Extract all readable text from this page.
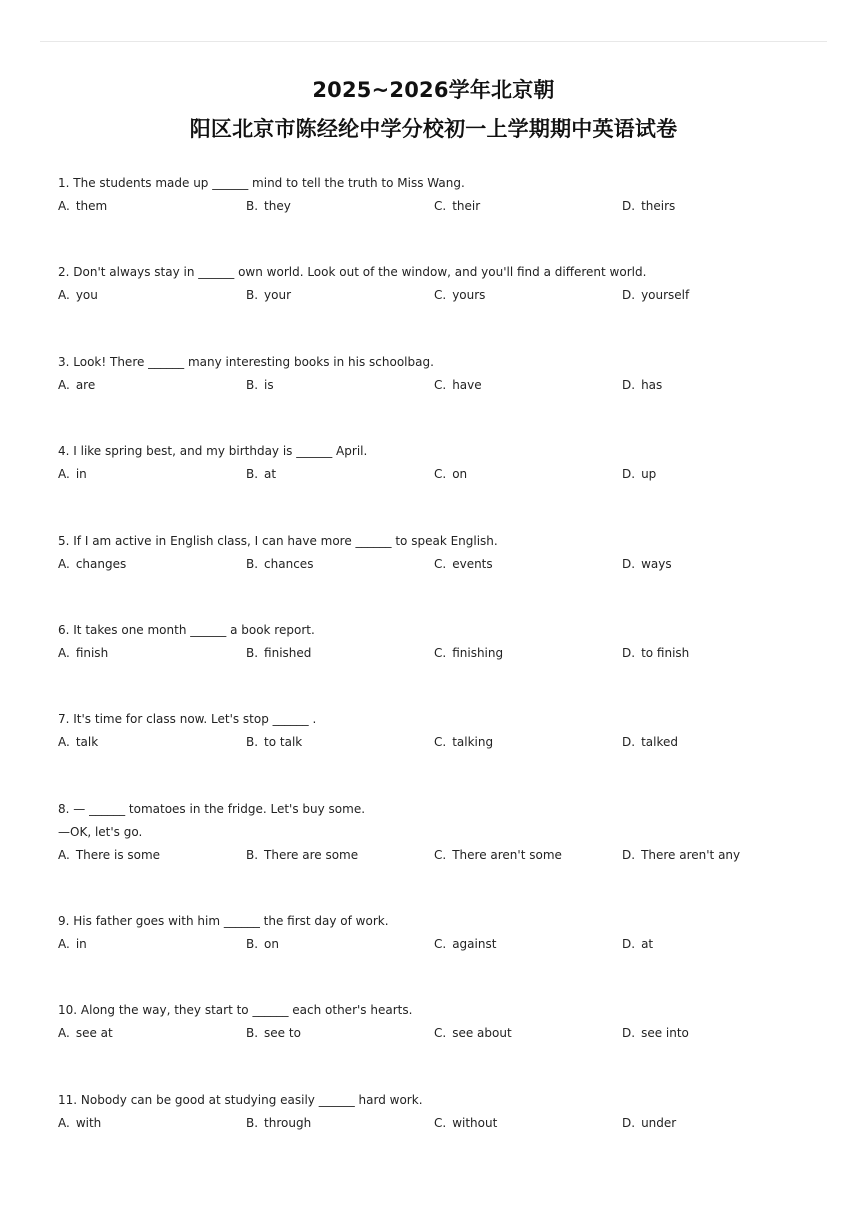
2025~2026学年北京朝
阳区北京市陈经纶中学分校初一上学期期中英语试卷
1. The students made up ______ mind to tell the truth to Miss Wang.
A. them	B. they	C. their	D. theirs
2. Don't always stay in ______ own world. Look out of the window, and you'll find a different world.
A. you	B. your	C. yours	D. yourself
3. Look! There ______ many interesting books in his schoolbag.
A. are	B. is	C. have	D. has
4. I like spring best, and my birthday is ______ April.
A. in	B. at	C. on	D. up
5. If I am active in English class, I can have more ______ to speak English.
A. changes	B. chances	C. events	D. ways
6. It takes one month ______ a book report.
A. finish	B. finished	C. finishing	D. to finish
7. It's time for class now. Let's stop ______ .
A. talk	B. to talk	C. talking	D. talked
8. — ______ tomatoes in the fridge. Let's buy some.
—OK, let's go.
A. There is some	B. There are some	C. There aren't some	D. There aren't any
9. His father goes with him ______ the first day of work.
A. in	B. on	C. against	D. at
10. Along the way, they start to ______ each other's hearts.
A. see at	B. see to	C. see about	D. see into
11. Nobody can be good at studying easily ______ hard work.
A. with	B. through	C. without	D. under
